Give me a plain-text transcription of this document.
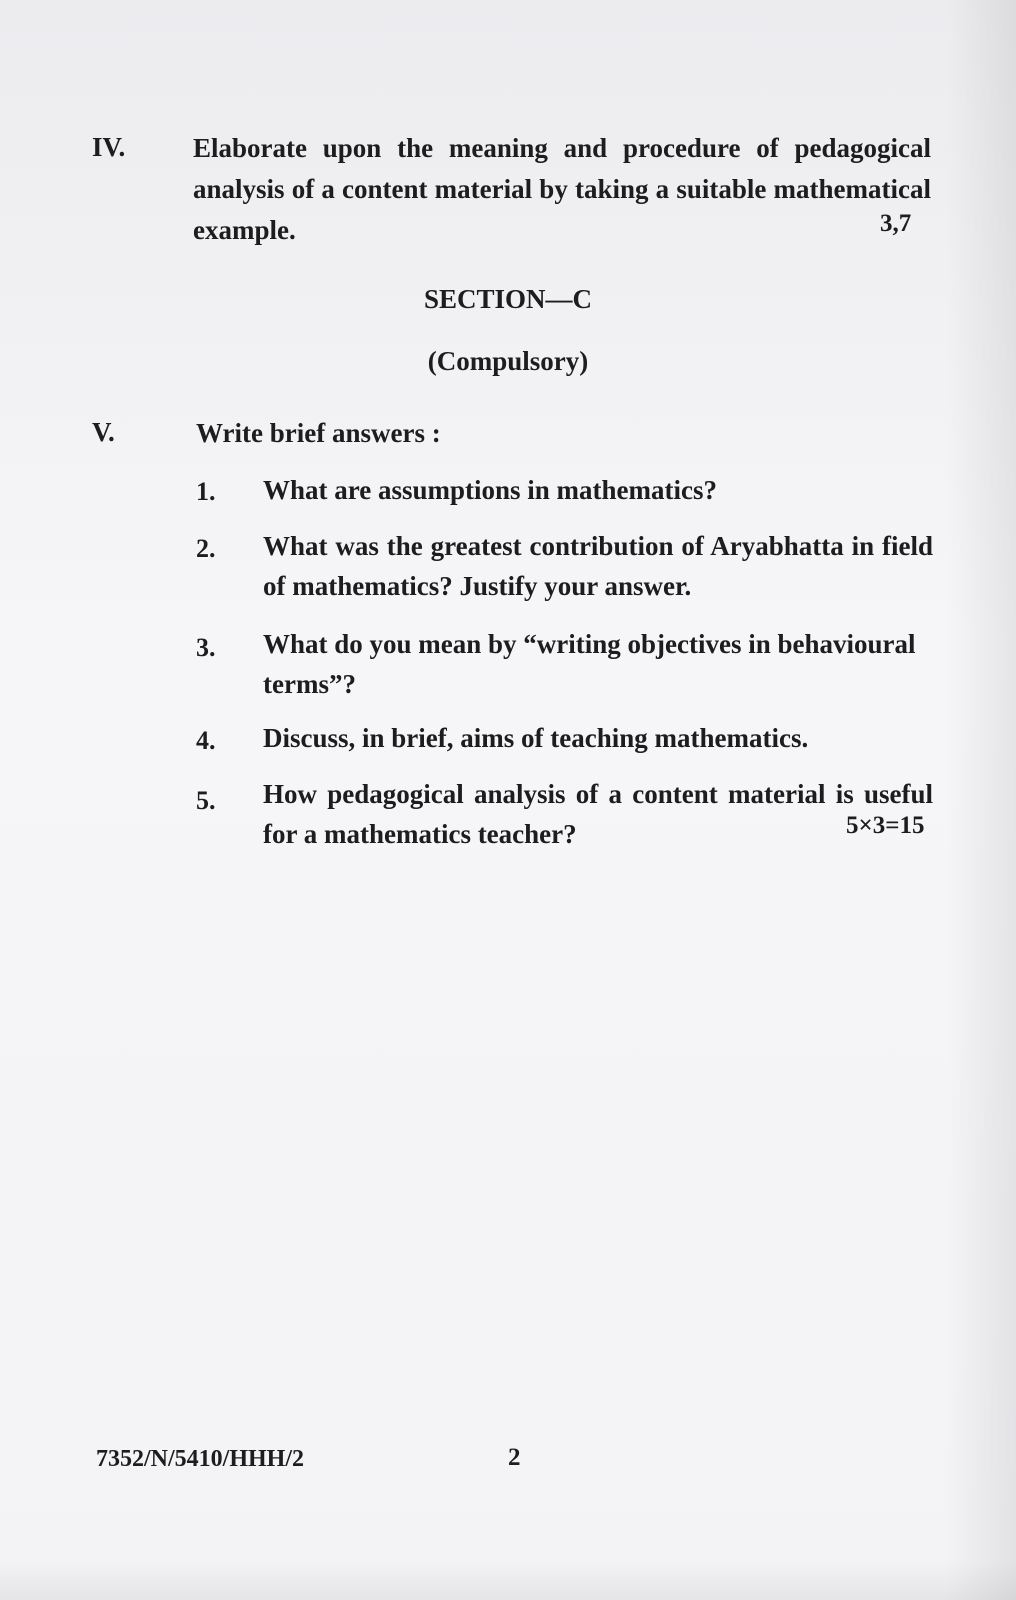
IV.	Elaborate upon the meaning and procedure of pedagogical analysis of a content material by taking a suitable mathematical example.	3,7
SECTION—C
(Compulsory)
V.	Write brief answers :
1. What are assumptions in mathematics?
2. What was the greatest contribution of Aryabhatta in field of mathematics? Justify your answer.
3. What do you mean by “writing objectives in behavioural terms”?
4. Discuss, in brief, aims of teaching mathematics.
5. How pedagogical analysis of a content material is useful for a mathematics teacher?	5×3=15
7352/N/5410/HHH/2	2
